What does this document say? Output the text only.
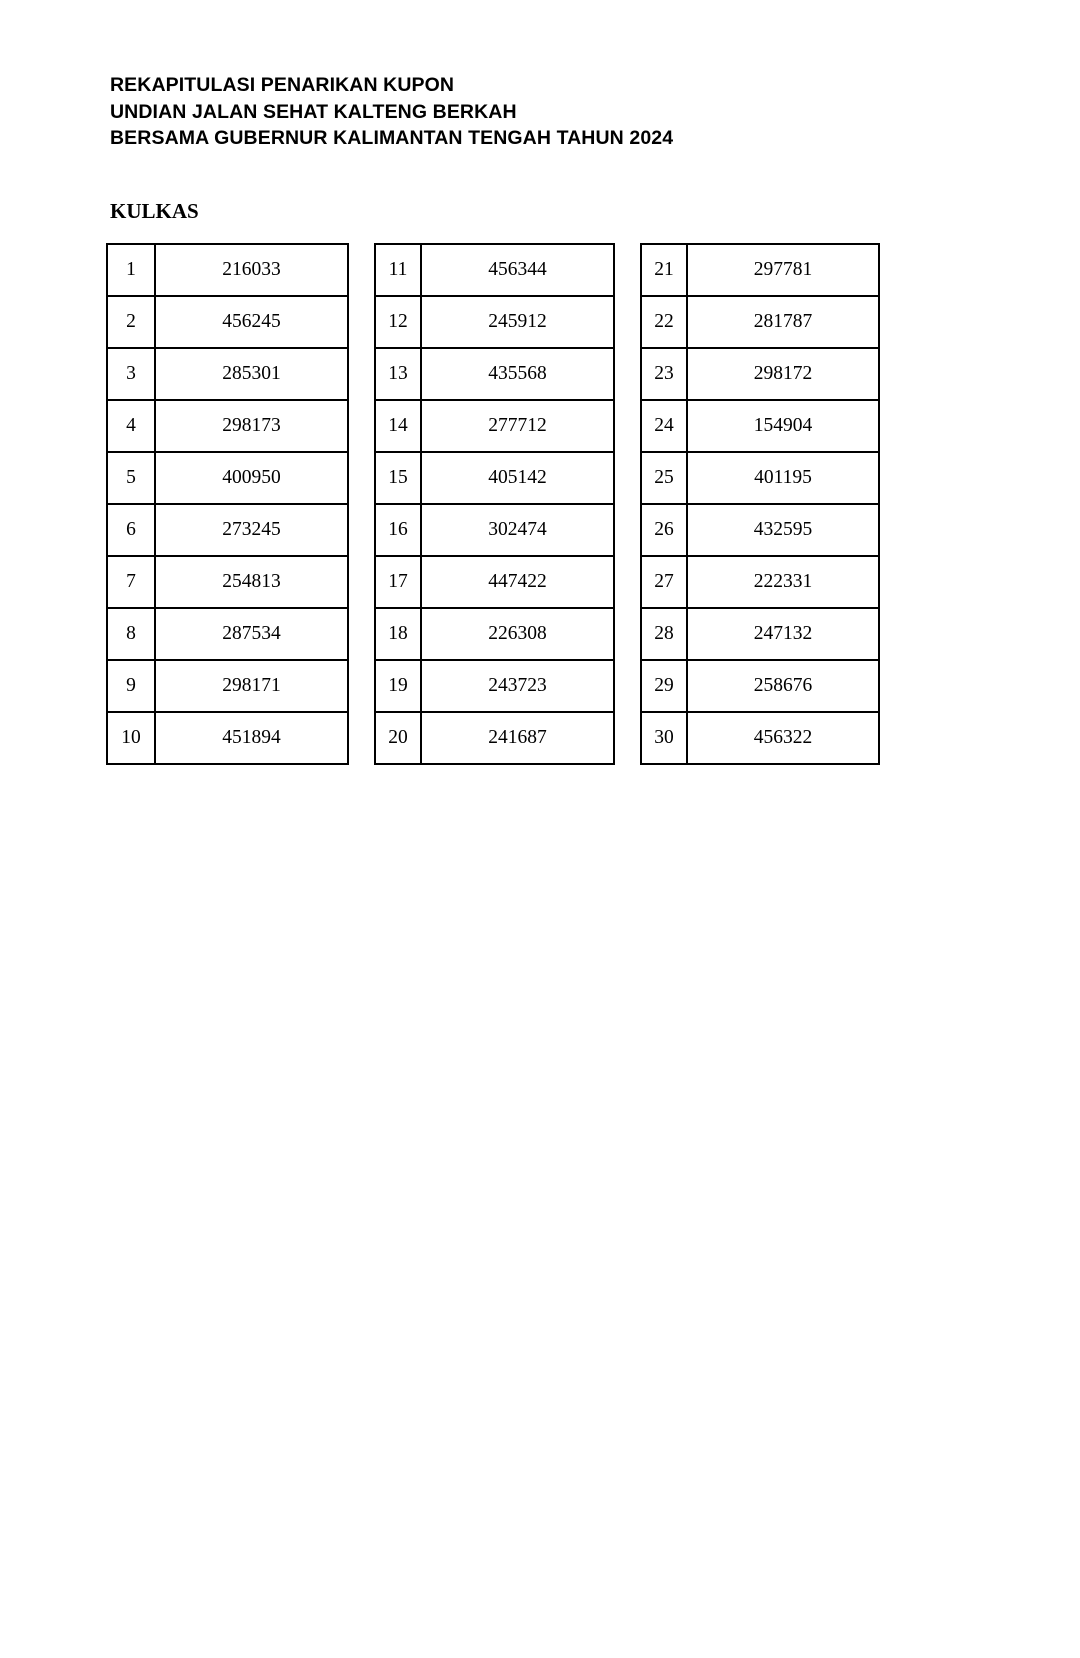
REKAPITULASI PENARIKAN KUPON
UNDIAN JALAN SEHAT KALTENG BERKAH
BERSAMA GUBERNUR KALIMANTAN TENGAH TAHUN 2024
KULKAS
1	216033
2	456245
3	285301
4	298173
5	400950
6	273245
7	254813
8	287534
9	298171
10	451894
11	456344
12	245912
13	435568
14	277712
15	405142
16	302474
17	447422
18	226308
19	243723
20	241687
21	297781
22	281787
23	298172
24	154904
25	401195
26	432595
27	222331
28	247132
29	258676
30	456322
